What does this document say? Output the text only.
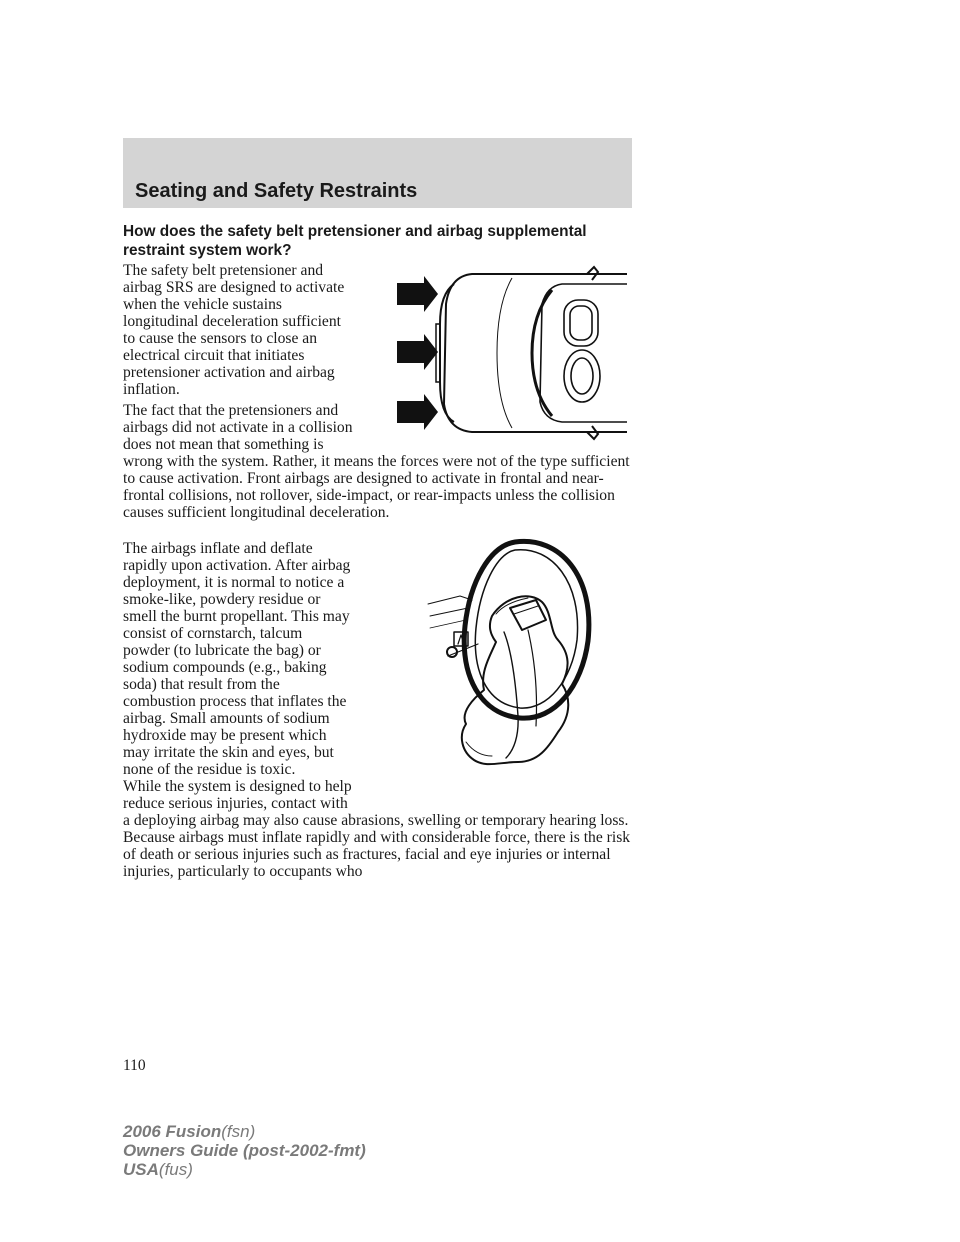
Seating and Safety Restraints

How does the safety belt pretensioner and airbag supplemental restraint system work?

The safety belt pretensioner and
airbag SRS are designed to activate
when the vehicle sustains
longitudinal deceleration sufficient
to cause the sensors to close an
electrical circuit that initiates
pretensioner activation and airbag
inflation.

The fact that the pretensioners and
airbags did not activate in a collision
does not mean that something is

wrong with the system. Rather, it means the forces were not of the type sufficient to cause activation. Front airbags are designed to activate in frontal and near-frontal collisions, not rollover, side-impact, or rear-impacts unless the collision causes sufficient longitudinal deceleration.

The airbags inflate and deflate
rapidly upon activation. After airbag
deployment, it is normal to notice a
smoke-like, powdery residue or
smell the burnt propellant. This may
consist of cornstarch, talcum
powder (to lubricate the bag) or
sodium compounds (e.g., baking
soda) that result from the
combustion process that inflates the
airbag. Small amounts of sodium
hydroxide may be present which
may irritate the skin and eyes, but
none of the residue is toxic.

While the system is designed to help
reduce serious injuries, contact with

a deploying airbag may also cause abrasions, swelling or temporary hearing loss. Because airbags must inflate rapidly and with considerable force, there is the risk of death or serious injuries such as fractures, facial and eye injuries or internal injuries, particularly to occupants who

110
2006 Fusion(fsn)
Owners Guide (post-2002-fmt)
USA(fus)
